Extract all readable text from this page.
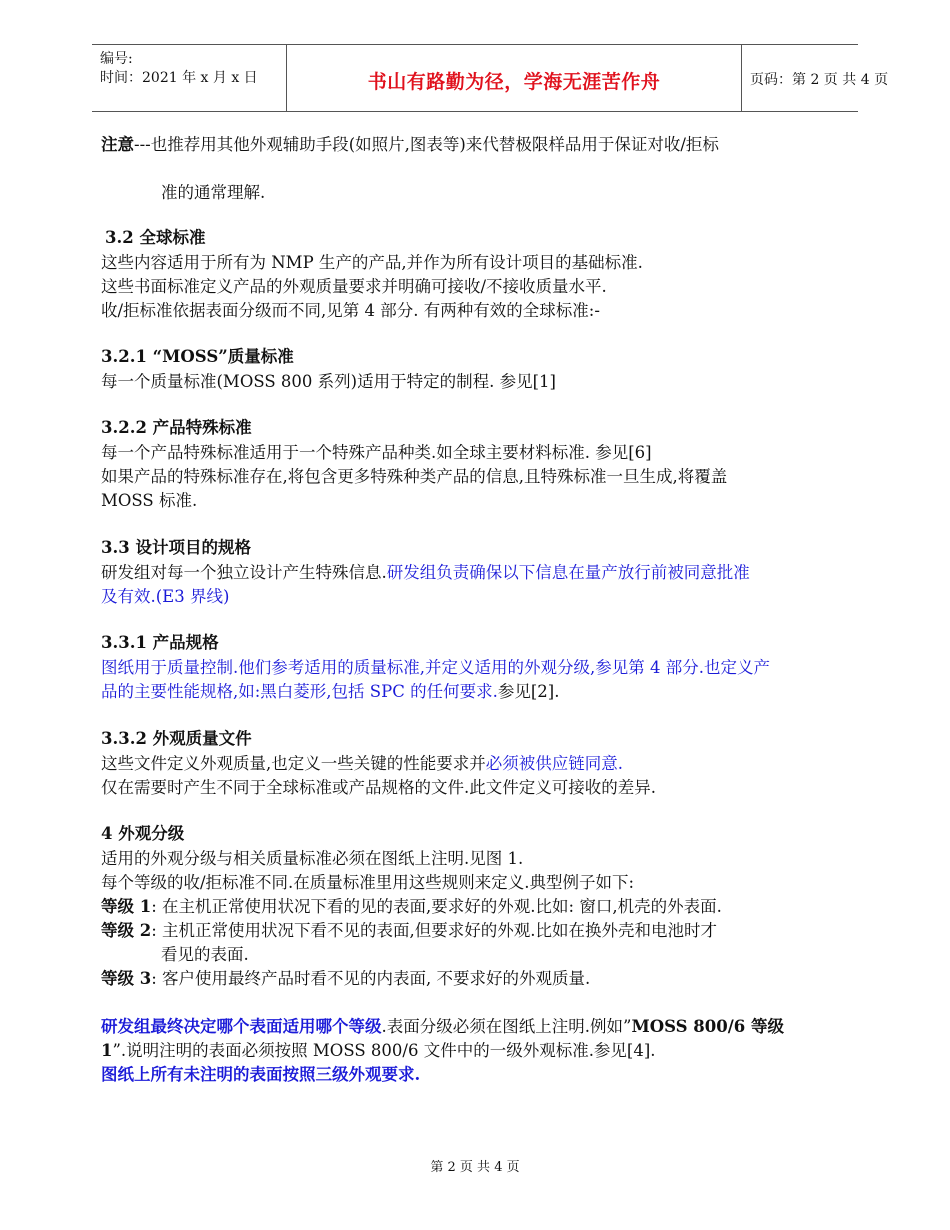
编号:
时间：2021 年 x 月 x 日	书山有路勤为径，学海无涯苦作舟	页码：第 2 页 共 4 页
注意---也推荐用其他外观辅助手段(如照片,图表等)来代替极限样品用于保证对收/拒标
准的通常理解.
3.2 全球标准
这些内容适用于所有为 NMP 生产的产品,并作为所有设计项目的基础标准.
这些书面标准定义产品的外观质量要求并明确可接收/不接收质量水平.
收/拒标准依据表面分级而不同,见第 4 部分. 有两种有效的全球标准:-
3.2.1 “MOSS”质量标准
每一个质量标准(MOSS 800 系列)适用于特定的制程. 参见[1]
3.2.2 产品特殊标准
每一个产品特殊标准适用于一个特殊产品种类.如全球主要材料标准. 参见[6]
如果产品的特殊标准存在,将包含更多特殊种类产品的信息,且特殊标准一旦生成,将覆盖
MOSS 标准.
3.3 设计项目的规格
研发组对每一个独立设计产生特殊信息.研发组负责确保以下信息在量产放行前被同意批准
及有效.(E3 界线)
3.3.1 产品规格
图纸用于质量控制.他们参考适用的质量标准,并定义适用的外观分级,参见第 4 部分.也定义产
品的主要性能规格,如:黑白菱形,包括 SPC 的任何要求.参见[2].
3.3.2 外观质量文件
这些文件定义外观质量,也定义一些关键的性能要求并必须被供应链同意.
仅在需要时产生不同于全球标准或产品规格的文件.此文件定义可接收的差异.
4 外观分级
适用的外观分级与相关质量标准必须在图纸上注明.见图 1.
每个等级的收/拒标准不同.在质量标准里用这些规则来定义.典型例子如下:
等级 1: 在主机正常使用状况下看的见的表面,要求好的外观.比如: 窗口,机壳的外表面.
等级 2: 主机正常使用状况下看不见的表面,但要求好的外观.比如在换外壳和电池时才
看见的表面.
等级 3: 客户使用最终产品时看不见的内表面, 不要求好的外观质量.
研发组最终决定哪个表面适用哪个等级.表面分级必须在图纸上注明.例如”MOSS 800/6 等级
1”.说明注明的表面必须按照 MOSS 800/6 文件中的一级外观标准.参见[4].
图纸上所有未注明的表面按照三级外观要求.
第 2 页 共 4 页
